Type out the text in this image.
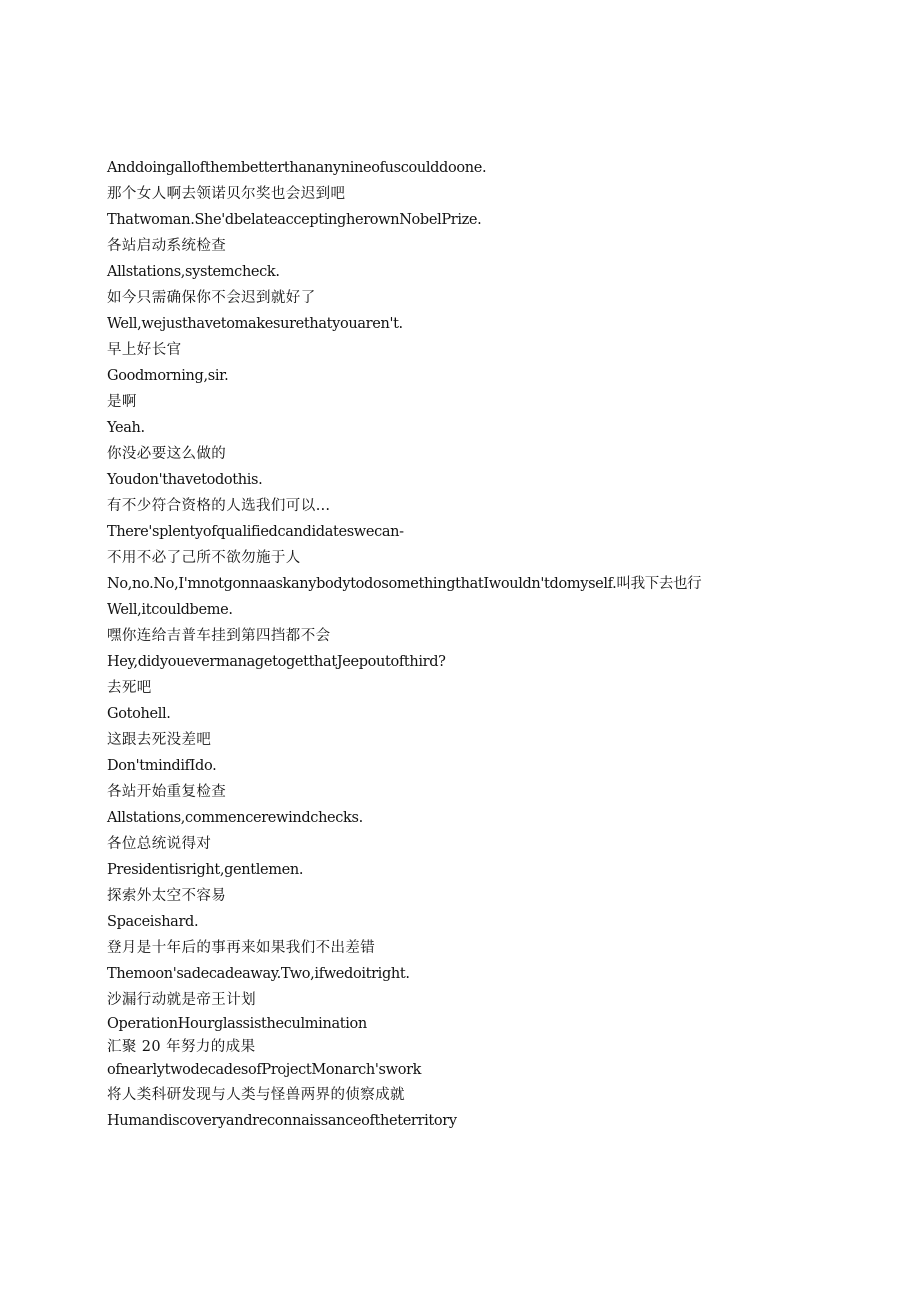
Anddoingallofthembetterthananynineofuscoulddoone.
那个女人啊去领诺贝尔奖也会迟到吧
Thatwoman.She'dbelateacceptingherownNobelPrize.
各站启动系统检查
Allstations,systemcheck.
如今只需确保你不会迟到就好了
Well,wejusthavetomakesurethatyouaren't.
早上好长官
Goodmorning,sir.
是啊
Yeah.
你没必要这么做的
Youdon'thavetodothis.
有不少符合资格的人选我们可以…
There'splentyofqualifiedcandidateswecan-
不用不必了己所不欲勿施于人
No,no.No,I'mnotgonnaaskanybodytodosomethingthatIwouldn'tdomyself.叫我下去也行
Well,itcouldbeme.
嘿你连给吉普车挂到第四挡都不会
Hey,didyouevermanagetogetthatJeepoutofthird?
去死吧
Gotohell.
这跟去死没差吧
Don'tmindifIdo.
各站开始重复检查
Allstations,commencerewindchecks.
各位总统说得对
Presidentisright,gentlemen.
探索外太空不容易
Spaceishard.
登月是十年后的事再来如果我们不出差错
Themoon'sadecadeaway.Two,ifwedoitright.
沙漏行动就是帝王计划
OperationHourglassistheculmination
汇聚 20 年努力的成果
ofnearlytwodecadesofProjectMonarch'swork
将人类科研发现与人类与怪兽两界的侦察成就
Humandiscoveryandreconnaissanceoftheterritory
